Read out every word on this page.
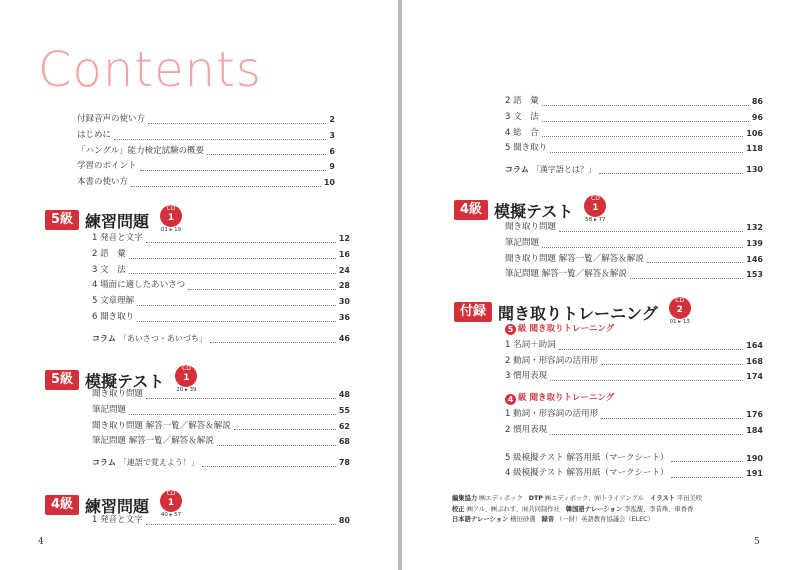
Contents
付録音声の使い方	2
はじめに	3
「ハングル」能力検定試験の概要	6
学習のポイント	9
本書の使い方	10
5級 練習問題
CD
1
01 ▸ 19
1 発音と文字	12
2 語　彙	16
3 文　法	24
4 場面に適したあいさつ	28
5 文章理解	30
6 聞き取り	36
コラム 「あいさつ・あいづち」	46
5級 模擬テスト
CD
1
20 ▸ 39
聞き取り問題	48
筆記問題	55
聞き取り問題 解答一覧／解答＆解説	62
筆記問題 解答一覧／解答＆解説	68
コラム 「連語で覚えよう！」	78
4級 練習問題
CD
1
40 ▸ 57
1 発音と文字	80
4
2 語　彙	86
3 文　法	96
4 総　合	106
5 聞き取り	118
コラム 「漢字語とは？」	130
4級 模擬テスト
CD
1
58 ▸ 77
聞き取り問題	132
筆記問題	139
聞き取り問題 解答一覧／解答＆解説	146
筆記問題 解答一覧／解答＆解説	153
付録 聞き取りトレーニング
CD
2
01 ▸ 13
5 級 聞き取りトレーニング
1 名詞＋助詞	164
2 動詞・形容詞の活用形	168
3 慣用表現	174
4 級 聞き取りトレーニング
1 動詞・形容詞の活用形	176
2 慣用表現	184
5 級模擬テスト 解答用紙（マークシート）	190
4 級模擬テスト 解答用紙（マークシート）	191
編集協力 ㈱エディボック DTP ㈱エディボック、㈲トライアングル イラスト 平田美咲
校正 ㈱アル、㈱ぷれす、㈲共同制作社 韓国語ナレーション 李泓馥、李昔珠、車香香
日本語ナレーション 横田砂選 録音 （一財）英語教育協議会（ELEC）
5
